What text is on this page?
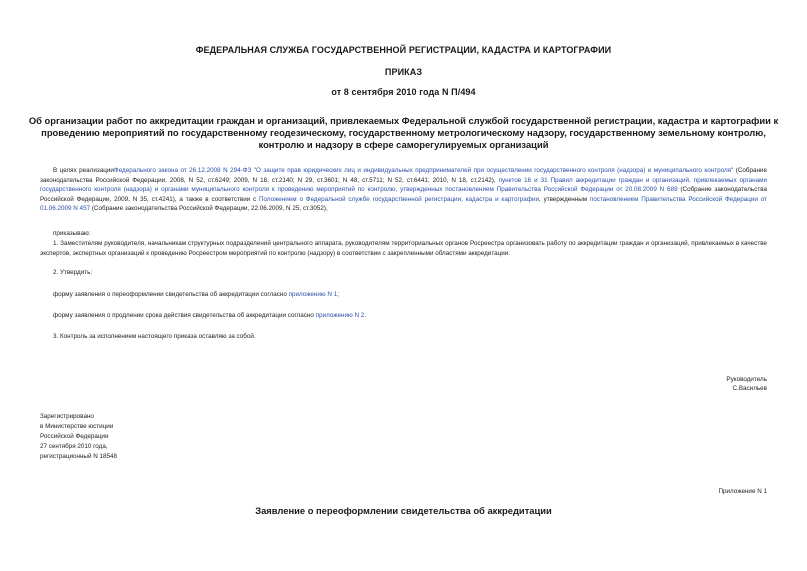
ФЕДЕРАЛЬНАЯ СЛУЖБА ГОСУДАРСТВЕННОЙ РЕГИСТРАЦИИ, КАДАСТРА И КАРТОГРАФИИ
ПРИКАЗ
от 8 сентября 2010 года N П/494
Об организации работ по аккредитации граждан и организаций, привлекаемых Федеральной службой государственной регистрации, кадастра и картографии к
проведению мероприятий по государственному геодезическому, государственному метрологическому надзору, государственному земельному контролю,
контролю и надзору в сфере саморегулируемых организаций
В целях реализацииФедерального закона от 26.12.2008 N 294-ФЗ "О защите прав юридических лиц и индивидуальных предпринимателей при осуществлении государственного контроля (надзора) и муниципального контроля" (Собрание законодательства Российской Федерации, 2008, N 52, ст.6249; 2009, N 18, ст.2140; N 29, ст.3601; N 48, ст.5711; N 52, ст.6441; 2010, N 18, ст.2142), пунктов 16 и 31 Правил аккредитации граждан и организаций, привлекаемых органами государственного контроля (надзора) и органами муниципального контроля к проведению мероприятий по контролю, утвержденных постановлением Правительства Российской Федерации от 20.08.2009 N 689 (Собрание законодательства Российской Федерации, 2009, N 35, ст.4241), а также в соответствии с Положением о Федеральной службе государственной регистрации, кадастра и картографии, утвержденным постановлением Правительства Российской Федерации от 01.06.2009 N 457 (Собрание законодательства Российской Федерации, 22.06.2009, N 25, ст.3052),
приказываю:
1. Заместителям руководителя, начальникам структурных подразделений центрального аппарата, руководителям территориальных органов Росреестра организовать работу по аккредитации граждан и организаций, привлекаемых в качестве экспертов, экспертных организаций к проведению Росреестром мероприятий по контролю (надзору) в соответствии с закрепленными областями аккредитации.
2. Утвердить:
форму заявления о переоформлении свидетельства об аккредитации согласно приложению N 1;
форму заявления о продлении срока действия свидетельства об аккредитации согласно приложению N 2.
3. Контроль за исполнением настоящего приказа оставляю за собой.
Руководитель
С.Васильев
Зарегистрировано
в Министерстве юстиции
Российской Федерации
27 сентября 2010 года,
регистрационный N 18548
Приложение N 1
Заявление о переоформлении свидетельства об аккредитации
